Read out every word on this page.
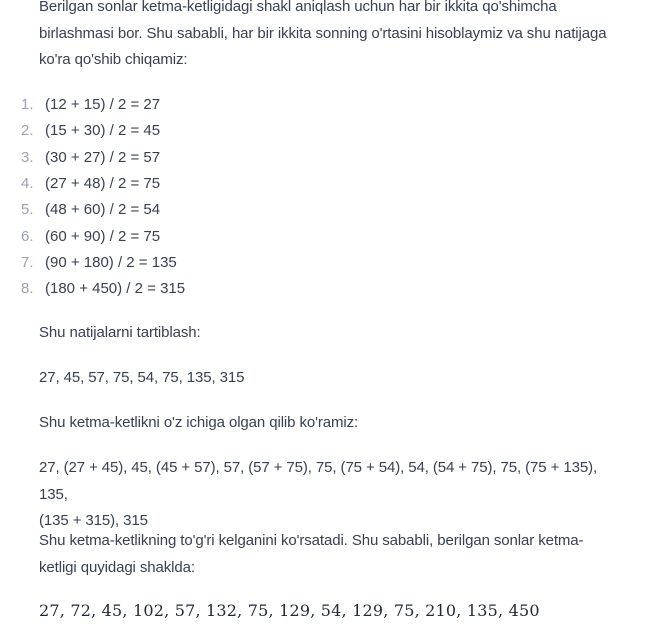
Berilgan sonlar ketma-ketligidagi shakl aniqlash uchun har bir ikkita qo'shimcha
birlashmasi bor. Shu sababli, har bir ikkita sonning o'rtasini hisoblaymiz va shu natijaga
ko'ra qo'shib chiqamiz:
1. (12 + 15) / 2 = 27
2. (15 + 30) / 2 = 45
3. (30 + 27) / 2 = 57
4. (27 + 48) / 2 = 75
5. (48 + 60) / 2 = 54
6. (60 + 90) / 2 = 75
7. (90 + 180) / 2 = 135
8. (180 + 450) / 2 = 315
Shu natijalarni tartiblash:
27, 45, 57, 75, 54, 75, 135, 315
Shu ketma-ketlikni o'z ichiga olgan qilib ko'ramiz:
27, (27 + 45), 45, (45 + 57), 57, (57 + 75), 75, (75 + 54), 54, (54 + 75), 75, (75 + 135), 135,
(135 + 315), 315
Shu ketma-ketlikning to'g'ri kelganini ko'rsatadi. Shu sababli, berilgan sonlar ketma-
ketligi quyidagi shaklda:
27, 72, 45, 102, 57, 132, 75, 129, 54, 129, 75, 210, 135, 450
